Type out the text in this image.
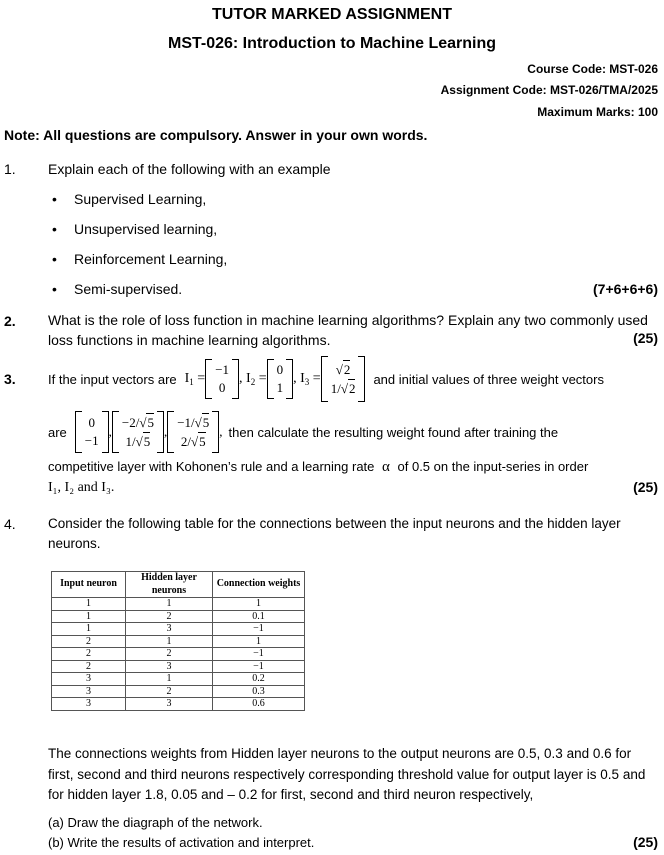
TUTOR MARKED ASSIGNMENT
MST-026: Introduction to Machine Learning
Course Code: MST-026
Assignment Code: MST-026/TMA/2025
Maximum Marks: 100
Note: All questions are compulsory. Answer in your own words.
1. Explain each of the following with an example
• Supervised Learning,
• Unsupervised learning,
• Reinforcement Learning,
• Semi-supervised.	(7+6+6+6)
2. What is the role of loss function in machine learning algorithms? Explain any two commonly used loss functions in machine learning algorithms.	(25)
3. If the input vectors are $I_1$ =
−1
0
, $I_2$ =
0
1
, $I_3$ =
√2
1/√2
and initial values of three weight vectors
are
0
−1
,
−2/√5
1/√5
,
−1/√5
2/√5
, then calculate the resulting weight found after training the
competitive layer with Kohonen’s rule and a learning rate α of 0.5 on the input-series in order
I₁, I₂ and I₃.	(25)
4. Consider the following table for the connections between the input neurons and the hidden layer neurons.
Input neuron	Hidden layer neurons	Connection weights
1	1	1
1	2	0.1
1	3	−1
2	1	1
2	2	−1
2	3	−1
3	1	0.2
3	2	0.3
3	3	0.6
The connections weights from Hidden layer neurons to the output neurons are 0.5, 0.3 and 0.6 for first, second and third neurons respectively corresponding threshold value for output layer is 0.5 and for hidden layer 1.8, 0.05 and – 0.2 for first, second and third neuron respectively,
(a) Draw the diagraph of the network.
(b) Write the results of activation and interpret.	(25)
